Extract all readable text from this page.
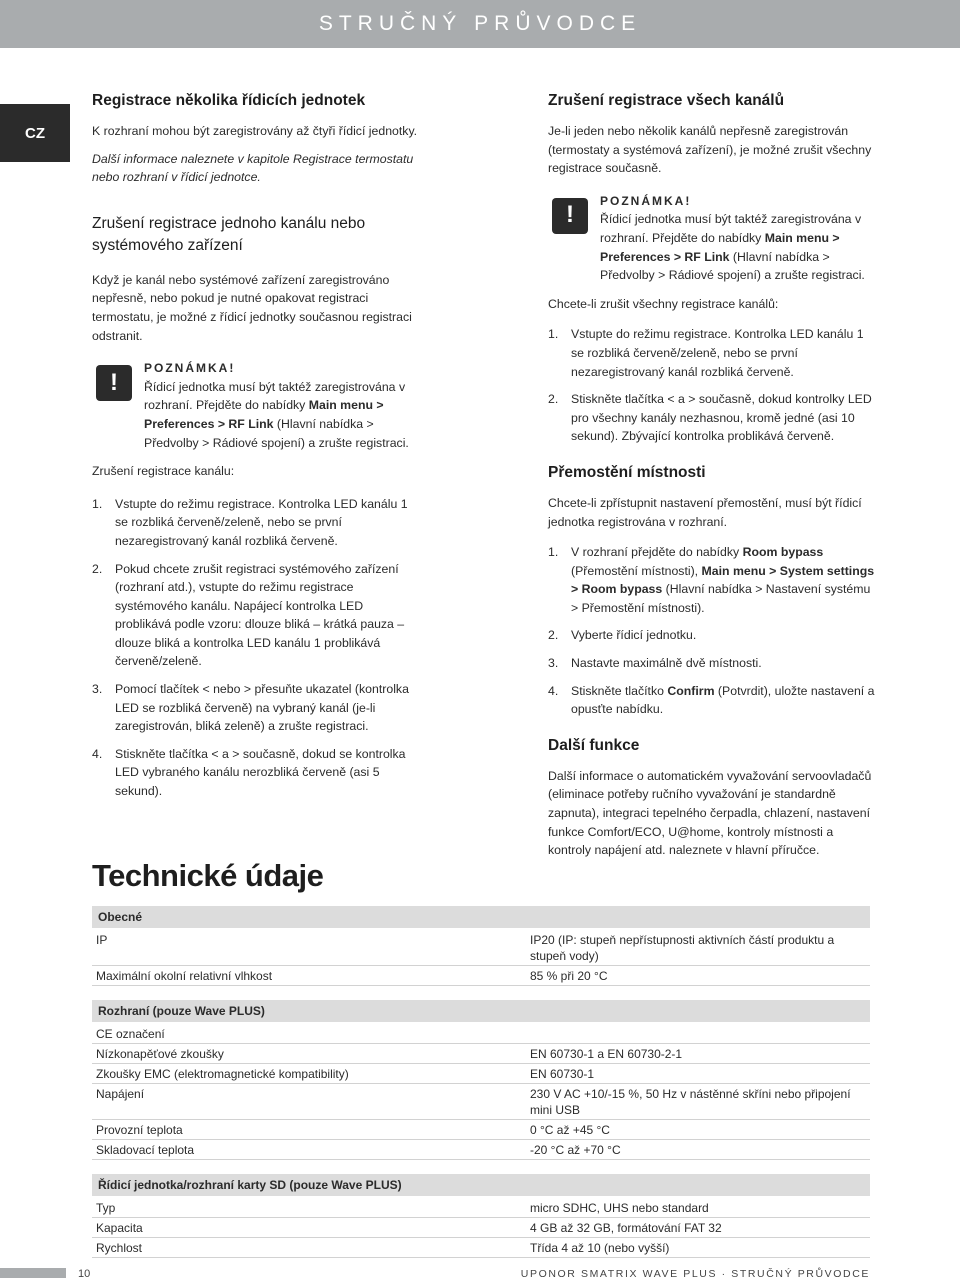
STRUČNÝ PRŮVODCE
CZ
Registrace několika řídicích jednotek

K rozhraní mohou být zaregistrovány až čtyři řídicí jednotky.

Další informace naleznete v kapitole Registrace termostatu nebo rozhraní v řídicí jednotce.

Zrušení registrace jednoho kanálu nebo systémového zařízení

Když je kanál nebo systémové zařízení zaregistrováno nepřesně, nebo pokud je nutné opakovat registraci termostatu, je možné z řídicí jednotky současnou registraci odstranit.

!
POZNÁMKA!
Řídicí jednotka musí být taktéž zaregistrována v rozhraní. Přejděte do nabídky Main menu > Preferences > RF Link (Hlavní nabídka > Předvolby > Rádiové spojení) a zrušte registraci.

Zrušení registrace kanálu:

1. Vstupte do režimu registrace. Kontrolka LED kanálu 1 se rozbliká červeně/zeleně, nebo se první nezaregistrovaný kanál rozbliká červeně.
2. Pokud chcete zrušit registraci systémového zařízení (rozhraní atd.), vstupte do režimu registrace systémového kanálu. Napájecí kontrolka LED problikává podle vzoru: dlouze bliká – krátká pauza – dlouze bliká a kontrolka LED kanálu 1 problikává červeně/zeleně.
3. Pomocí tlačítek < nebo > přesuňte ukazatel (kontrolka LED se rozbliká červeně) na vybraný kanál (je-li zaregistrován, bliká zeleně) a zrušte registraci.
4. Stiskněte tlačítka < a > současně, dokud se kontrolka LED vybraného kanálu nerozbliká červeně (asi 5 sekund).
Zrušení registrace všech kanálů

Je-li jeden nebo několik kanálů nepřesně zaregistrován (termostaty a systémová zařízení), je možné zrušit všechny registrace současně.

!
POZNÁMKA!
Řídicí jednotka musí být taktéž zaregistrována v rozhraní. Přejděte do nabídky Main menu > Preferences > RF Link (Hlavní nabídka > Předvolby > Rádiové spojení) a zrušte registraci.

Chcete-li zrušit všechny registrace kanálů:

1. Vstupte do režimu registrace. Kontrolka LED kanálu 1 se rozbliká červeně/zeleně, nebo se první nezaregistrovaný kanál rozbliká červeně.
2. Stiskněte tlačítka < a > současně, dokud kontrolky LED pro všechny kanály nezhasnou, kromě jedné (asi 10 sekund). Zbývající kontrolka problikává červeně.
Přemostění místnosti

Chcete-li zpřístupnit nastavení přemostění, musí být řídicí jednotka registrována v rozhraní.

1. V rozhraní přejděte do nabídky Room bypass (Přemostění místnosti), Main menu > System settings > Room bypass (Hlavní nabídka > Nastavení systému > Přemostění místnosti).
2. Vyberte řídicí jednotku.
3. Nastavte maximálně dvě místnosti.
4. Stiskněte tlačítko Confirm (Potvrdit), uložte nastavení a opusťte nabídku.
Další funkce

Další informace o automatickém vyvažování servoovladačů (eliminace potřeby ručního vyvažování je standardně zapnuta), integraci tepelného čerpadla, chlazení, nastavení funkce Comfort/ECO, U@home, kontroly místnosti a kontroly napájení atd. naleznete v hlavní příručce.

Technické údaje
Obecné
IP	IP20 (IP: stupeň nepřístupnosti aktivních částí produktu a stupeň vody)
Maximální okolní relativní vlhkost	85 % při 20 °C
Rozhraní (pouze Wave PLUS)
CE označení
Nízkonapěťové zkoušky	EN 60730-1 a EN 60730-2-1
Zkoušky EMC (elektromagnetické kompatibility)	EN 60730-1
Napájení	230 V AC +10/-15 %, 50 Hz v nástěnné skříni nebo připojení mini USB
Provozní teplota	0 °C až +45 °C
Skladovací teplota	-20 °C až +70 °C
Řídicí jednotka/rozhraní karty SD (pouze Wave PLUS)
Typ	micro SDHC, UHS nebo standard
Kapacita	4 GB až 32 GB, formátování FAT 32
Rychlost	Třída 4 až 10 (nebo vyšší)
10	UPONOR SMATRIX WAVE PLUS · STRUČNÝ PRŮVODCE
